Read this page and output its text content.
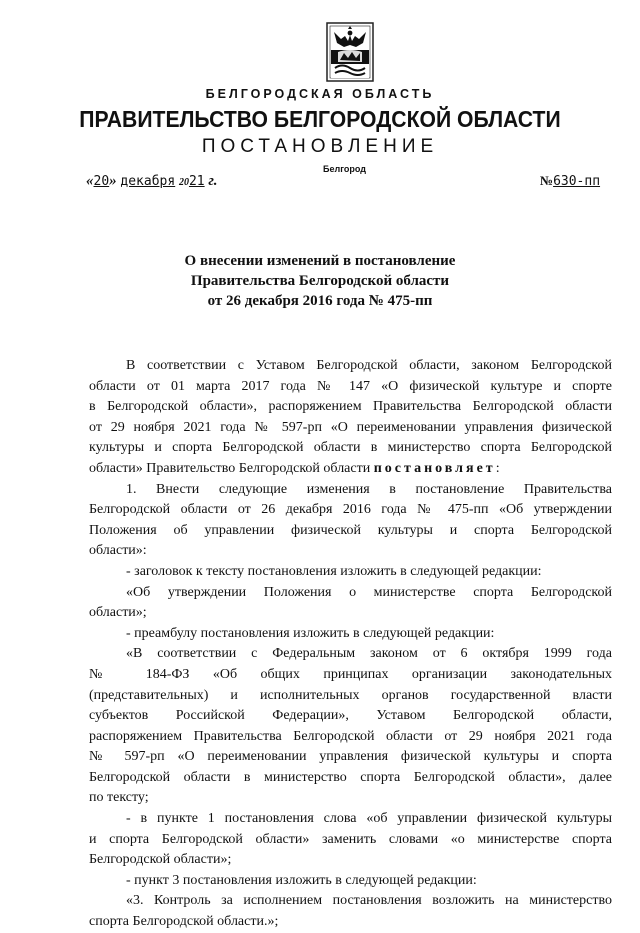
БЕЛГОРОДСКАЯ ОБЛАСТЬ
ПРАВИТЕЛЬСТВО БЕЛГОРОДСКОЙ ОБЛАСТИ
ПОСТАНОВЛЕНИЕ
Белгород
«20» декабря 2021 г.	№630-пп
О внесении изменений в постановление
Правительства Белгородской области
от 26 декабря 2016 года № 475-пп

В соответствии с Уставом Белгородской области, законом Белгородской

области от 01 марта 2017 года № 147 «О физической культуре и спорте

в Белгородской области», распоряжением Правительства Белгородской области

от 29 ноября 2021 года № 597-рп «О переименовании управления физической

культуры и спорта Белгородской области в министерство спорта Белгородской

области» Правительство Белгородской области постановляет:

1. Внести следующие изменения в постановление Правительства

Белгородской области от 26 декабря 2016 года № 475-пп «Об утверждении

Положения об управлении физической культуры и спорта Белгородской

области»:

- заголовок к тексту постановления изложить в следующей редакции:

«Об утверждении Положения о министерстве спорта Белгородской

области»;

- преамбулу постановления изложить в следующей редакции:

«В соответствии с Федеральным законом от 6 октября 1999 года

№ 184-ФЗ «Об общих принципах организации законодательных

(представительных) и исполнительных органов государственной власти

субъектов Российской Федерации», Уставом Белгородской области,

распоряжением Правительства Белгородской области от 29 ноября 2021 года

№ 597-рп «О переименовании управления физической культуры и спорта

Белгородской области в министерство спорта Белгородской области», далее

по тексту;

- в пункте 1 постановления слова «об управлении физической культуры

и спорта Белгородской области» заменить словами «о министерстве спорта

Белгородской области»;

- пункт 3 постановления изложить в следующей редакции:

«3. Контроль за исполнением постановления возложить на министерство

спорта Белгородской области.»;
